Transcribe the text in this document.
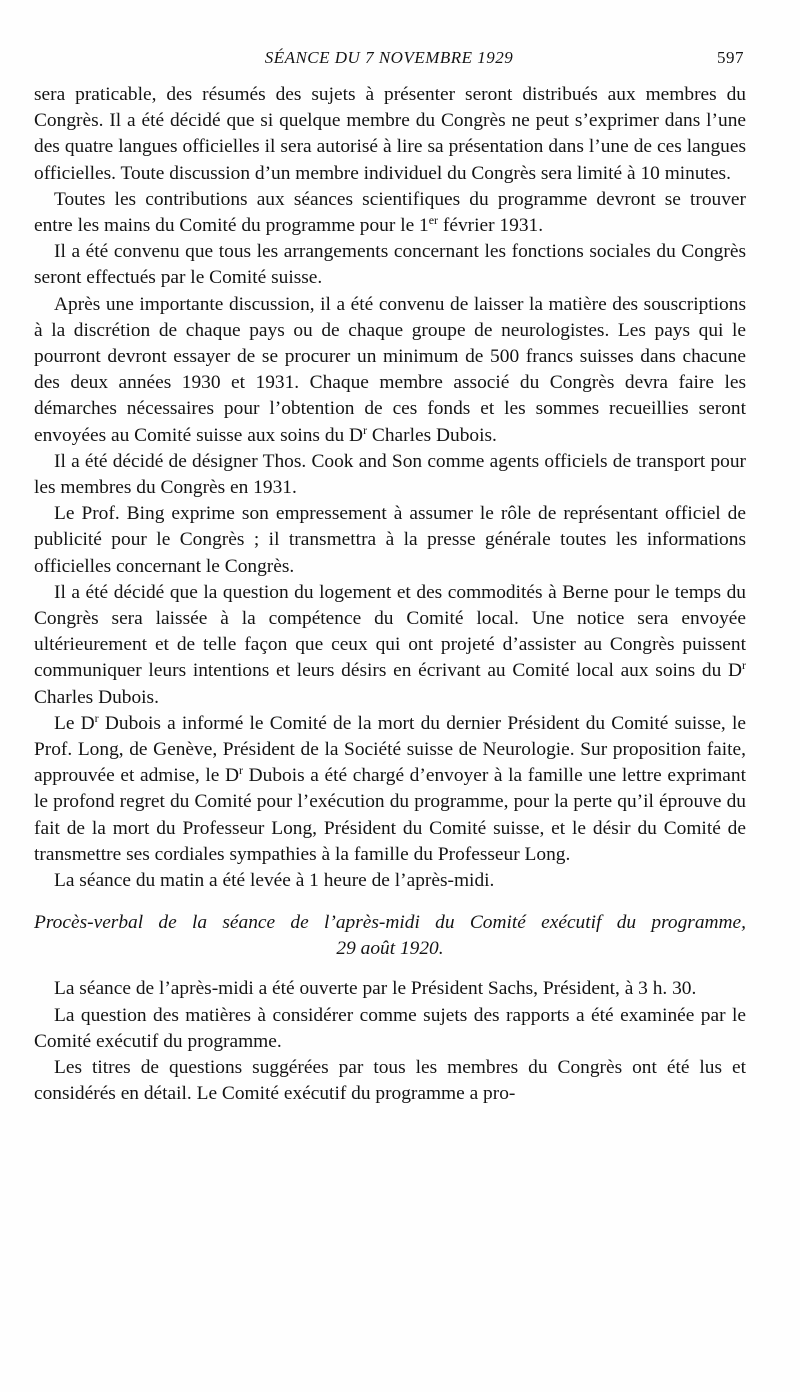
SÉANCE DU 7 NOVEMBRE 1929	597

sera praticable, des résumés des sujets à présenter seront distribués aux membres du Congrès. Il a été décidé que si quelque membre du Congrès ne peut s’exprimer dans l’une des quatre langues officielles il sera autorisé à lire sa présentation dans l’une de ces langues officielles. Toute discussion d’un membre individuel du Congrès sera limité à 10 minutes.

Toutes les contributions aux séances scientifiques du programme devront se trouver entre les mains du Comité du programme pour le 1er février 1931.

Il a été convenu que tous les arrangements concernant les fonctions sociales du Congrès seront effectués par le Comité suisse.

Après une importante discussion, il a été convenu de laisser la matière des souscriptions à la discrétion de chaque pays ou de chaque groupe de neurologistes. Les pays qui le pourront devront essayer de se procurer un minimum de 500 francs suisses dans chacune des deux années 1930 et 1931. Chaque membre associé du Congrès devra faire les démarches nécessaires pour l’obtention de ces fonds et les sommes recueillies seront envoyées au Comité suisse aux soins du $D^r$ Charles Dubois.

Il a été décidé de désigner Thos. Cook and Son comme agents officiels de transport pour les membres du Congrès en 1931.

Le Prof. Bing exprime son empressement à assumer le rôle de représentant officiel de publicité pour le Congrès ; il transmettra à la presse générale toutes les informations officielles concernant le Congrès.

Il a été décidé que la question du logement et des commodités à Berne pour le temps du Congrès sera laissée à la compétence du Comité local. Une notice sera envoyée ultérieurement et de telle façon que ceux qui ont projeté d’assister au Congrès puissent communiquer leurs intentions et leurs désirs en écrivant au Comité local aux soins du $D^r$ Charles Dubois.

Le $D^r$ Dubois a informé le Comité de la mort du dernier Président du Comité suisse, le Prof. Long, de Genève, Président de la Société suisse de Neurologie. Sur proposition faite, approuvée et admise, le $D^r$ Dubois a été chargé d’envoyer à la famille une lettre exprimant le profond regret du Comité pour l’exécution du programme, pour la perte qu’il éprouve du fait de la mort du Professeur Long, Président du Comité suisse, et le désir du Comité de transmettre ses cordiales sympathies à la famille du Professeur Long.

La séance du matin a été levée à 1 heure de l’après-midi.

Procès-verbal de la séance de l’après-midi du Comité exécutif du programme,
29 août 1920.

La séance de l’après-midi a été ouverte par le Président Sachs, Président, à 3 h. 30.

La question des matières à considérer comme sujets des rapports a été examinée par le Comité exécutif du programme.

Les titres de questions suggérées par tous les membres du Congrès ont été lus et considérés en détail. Le Comité exécutif du programme a pro-
